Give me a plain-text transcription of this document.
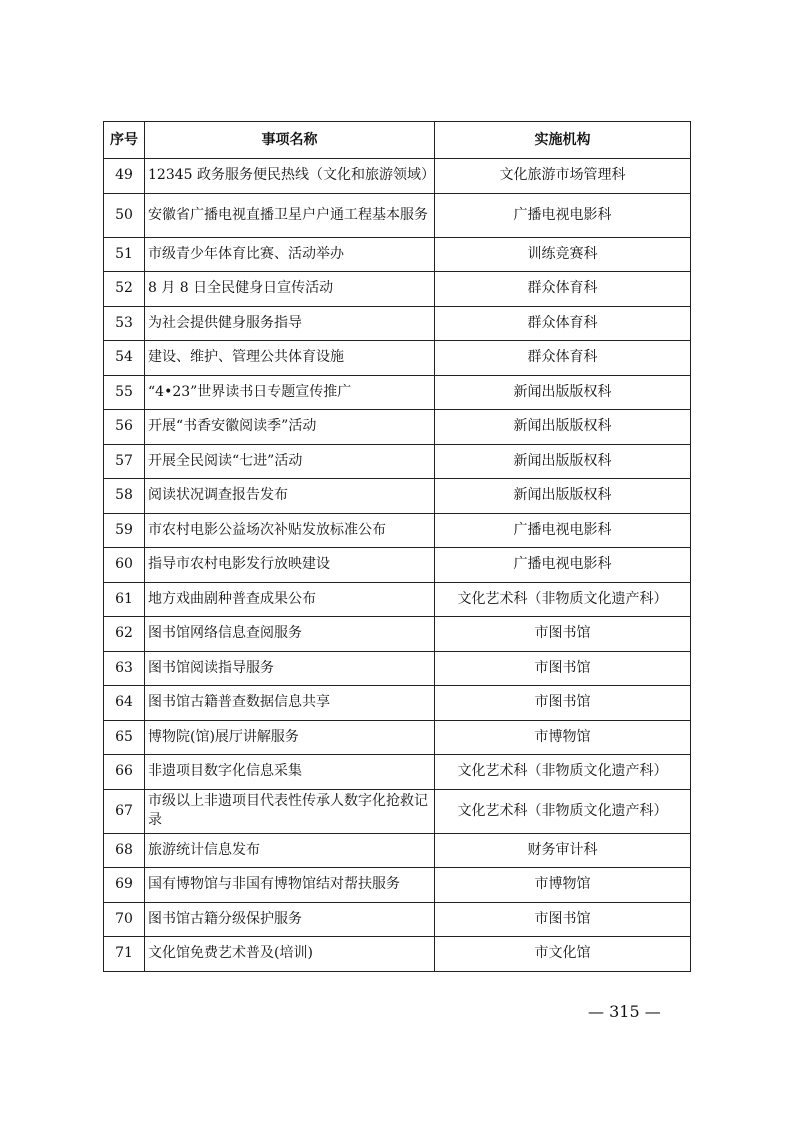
序号	事项名称	实施机构
49	12345 政务服务便民热线（文化和旅游领域）	文化旅游市场管理科
50	安徽省广播电视直播卫星户户通工程基本服务	广播电视电影科
51	市级青少年体育比赛、活动举办	训练竞赛科
52	8 月 8 日全民健身日宣传活动	群众体育科
53	为社会提供健身服务指导	群众体育科
54	建设、维护、管理公共体育设施	群众体育科
55	“4•23”世界读书日专题宣传推广	新闻出版版权科
56	开展“书香安徽阅读季”活动	新闻出版版权科
57	开展全民阅读“七进”活动	新闻出版版权科
58	阅读状况调查报告发布	新闻出版版权科
59	市农村电影公益场次补贴发放标准公布	广播电视电影科
60	指导市农村电影发行放映建设	广播电视电影科
61	地方戏曲剧种普查成果公布	文化艺术科（非物质文化遗产科）
62	图书馆网络信息查阅服务	市图书馆
63	图书馆阅读指导服务	市图书馆
64	图书馆古籍普查数据信息共享	市图书馆
65	博物院(馆)展厅讲解服务	市博物馆
66	非遗项目数字化信息采集	文化艺术科（非物质文化遗产科）
67	市级以上非遗项目代表性传承人数字化抢救记录	文化艺术科（非物质文化遗产科）
68	旅游统计信息发布	财务审计科
69	国有博物馆与非国有博物馆结对帮扶服务	市博物馆
70	图书馆古籍分级保护服务	市图书馆
71	文化馆免费艺术普及(培训)	市文化馆
— 315 —
